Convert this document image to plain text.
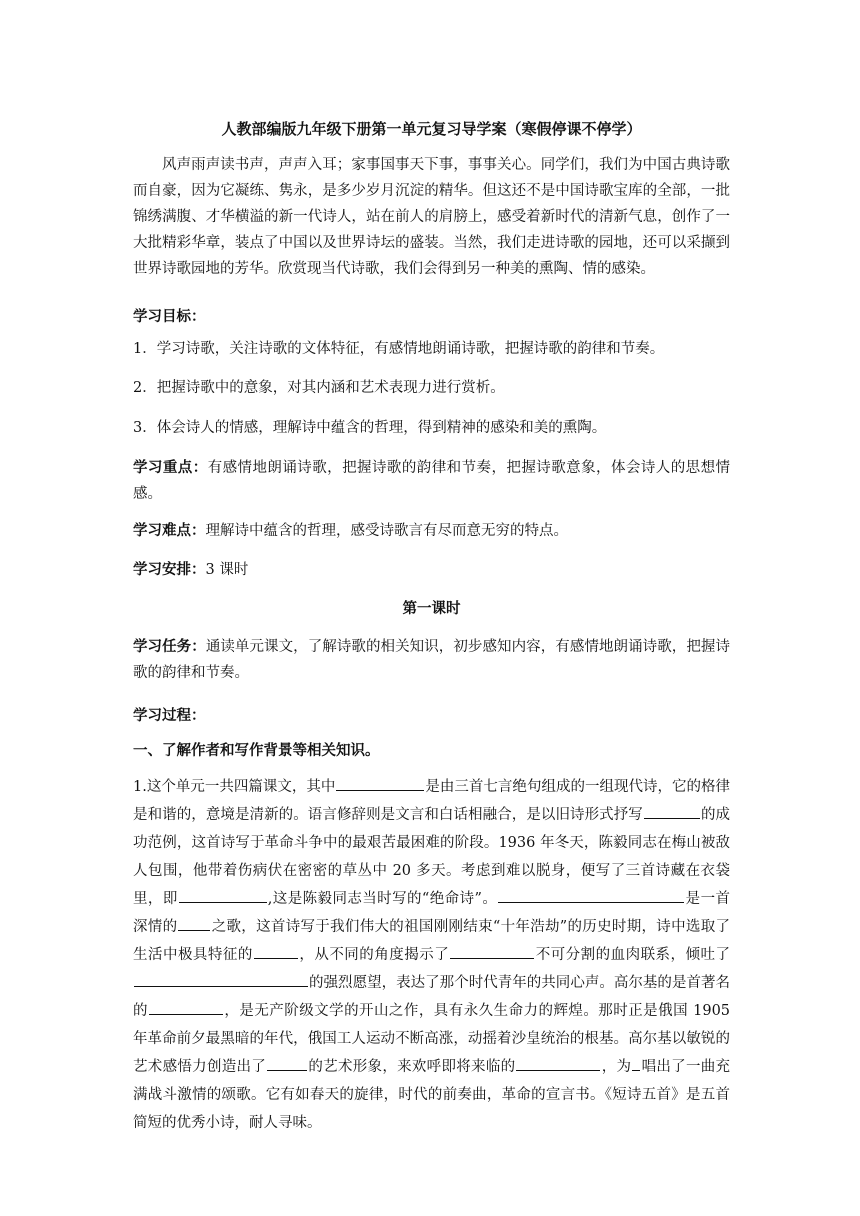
人教部编版九年级下册第一单元复习导学案（寒假停课不停学）
风声雨声读书声，声声入耳；家事国事天下事，事事关心。同学们，我们为中国古典诗歌而自豪，因为它凝练、隽永，是多少岁月沉淀的精华。但这还不是中国诗歌宝库的全部，一批锦绣满腹、才华横溢的新一代诗人，站在前人的肩膀上，感受着新时代的清新气息，创作了一大批精彩华章，装点了中国以及世界诗坛的盛装。当然，我们走进诗歌的园地，还可以采撷到世界诗歌园地的芳华。欣赏现当代诗歌，我们会得到另一种美的熏陶、情的感染。
学习目标：
1．学习诗歌，关注诗歌的文体特征，有感情地朗诵诗歌，把握诗歌的韵律和节奏。
2．把握诗歌中的意象，对其内涵和艺术表现力进行赏析。
3．体会诗人的情感，理解诗中蕴含的哲理，得到精神的感染和美的熏陶。
学习重点：有感情地朗诵诗歌，把握诗歌的韵律和节奏，把握诗歌意象，体会诗人的思想情感。
学习难点：理解诗中蕴含的哲理，感受诗歌言有尽而意无穷的特点。
学习安排：3 课时
第一课时
学习任务：通读单元课文，了解诗歌的相关知识，初步感知内容，有感情地朗诵诗歌，把握诗歌的韵律和节奏。
学习过程：
一、了解作者和写作背景等相关知识。
1.这个单元一共四篇课文，其中	是由三首七言绝句组成的一组现代诗，它的格律是和谐的，意境是清新的。语言修辞则是文言和白话相融合，是以旧诗形式抒写	的成功范例，这首诗写于革命斗争中的最艰苦最困难的阶段。1936 年冬天，陈毅同志在梅山被敌人包围，他带着伤病伏在密密的草丛中 20 多天。考虑到难以脱身，便写了三首诗藏在衣袋里，即	,这是陈毅同志当时写的“绝命诗”。	是一首深情的 之歌，这首诗写于我们伟大的祖国刚刚结束“十年浩劫”的历史时期，诗中选取了生活中极具特征的	，从不同的角度揭示了	不可分割的血肉联系，倾吐了的强烈愿望，表达了那个时代青年的共同心声。高尔基的是首著名的	，是无产阶级文学的开山之作，具有永久生命力的辉煌。那时正是俄国 1905 年革命前夕最黑暗的年代，俄国工人运动不断高涨，动摇着沙皇统治的根基。高尔基以敏锐的艺术感悟力创造出了	的艺术形象，来欢呼即将来临的	，为 唱出了一曲充满战斗激情的颂歌。它有如春天的旋律，时代的前奏曲，革命的宣言书。《短诗五首》是五首简短的优秀小诗，耐人寻味。
